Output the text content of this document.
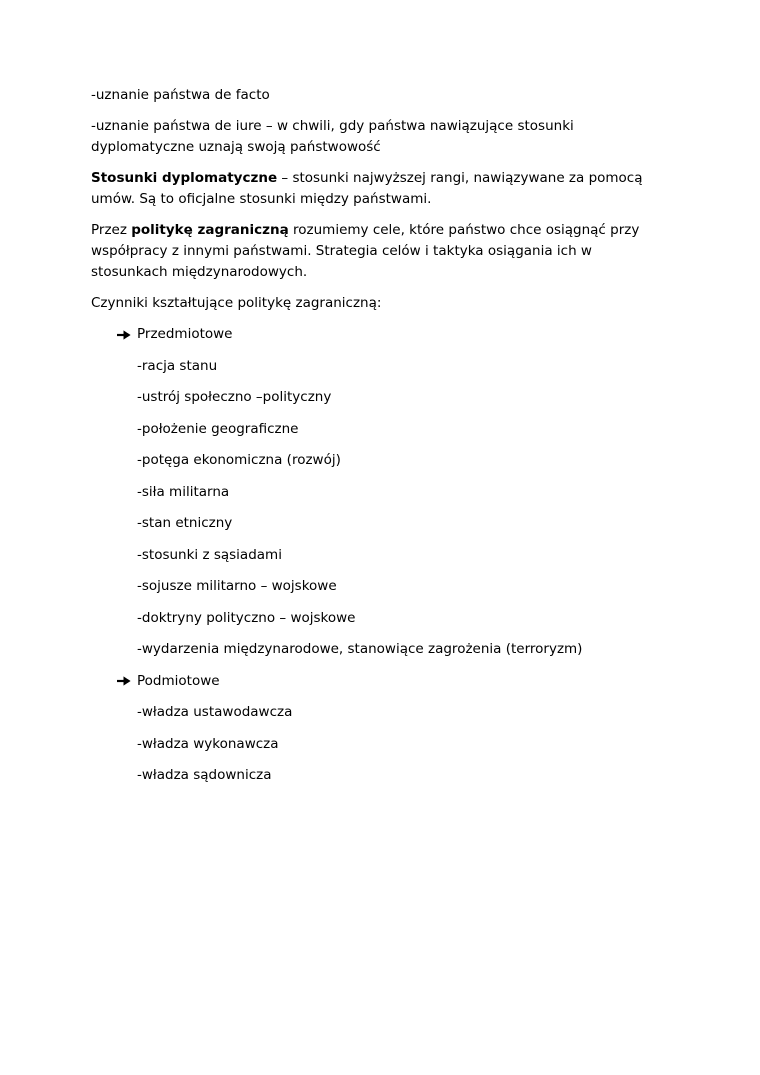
-uznanie państwa de facto

-uznanie państwa de iure – w chwili, gdy państwa nawiązujące stosunki dyplomatyczne uznają swoją państwowość

Stosunki dyplomatyczne – stosunki najwyższej rangi, nawiązywane za pomocą umów. Są to oficjalne stosunki między państwami.

Przez politykę zagraniczną rozumiemy cele, które państwo chce osiągnąć przy współpracy z innymi państwami. Strategia celów i taktyka osiągania ich w stosunkach międzynarodowych.

Czynniki kształtujące politykę zagraniczną:

Przedmiotowe
-racja stanu
-ustrój społeczno –polityczny
-położenie geograficzne
-potęga ekonomiczna (rozwój)
-siła militarna
-stan etniczny
-stosunki z sąsiadami
-sojusze militarno – wojskowe
-doktryny polityczno – wojskowe
-wydarzenia międzynarodowe, stanowiące zagrożenia (terroryzm)
Podmiotowe
-władza ustawodawcza
-władza wykonawcza
-władza sądownicza
